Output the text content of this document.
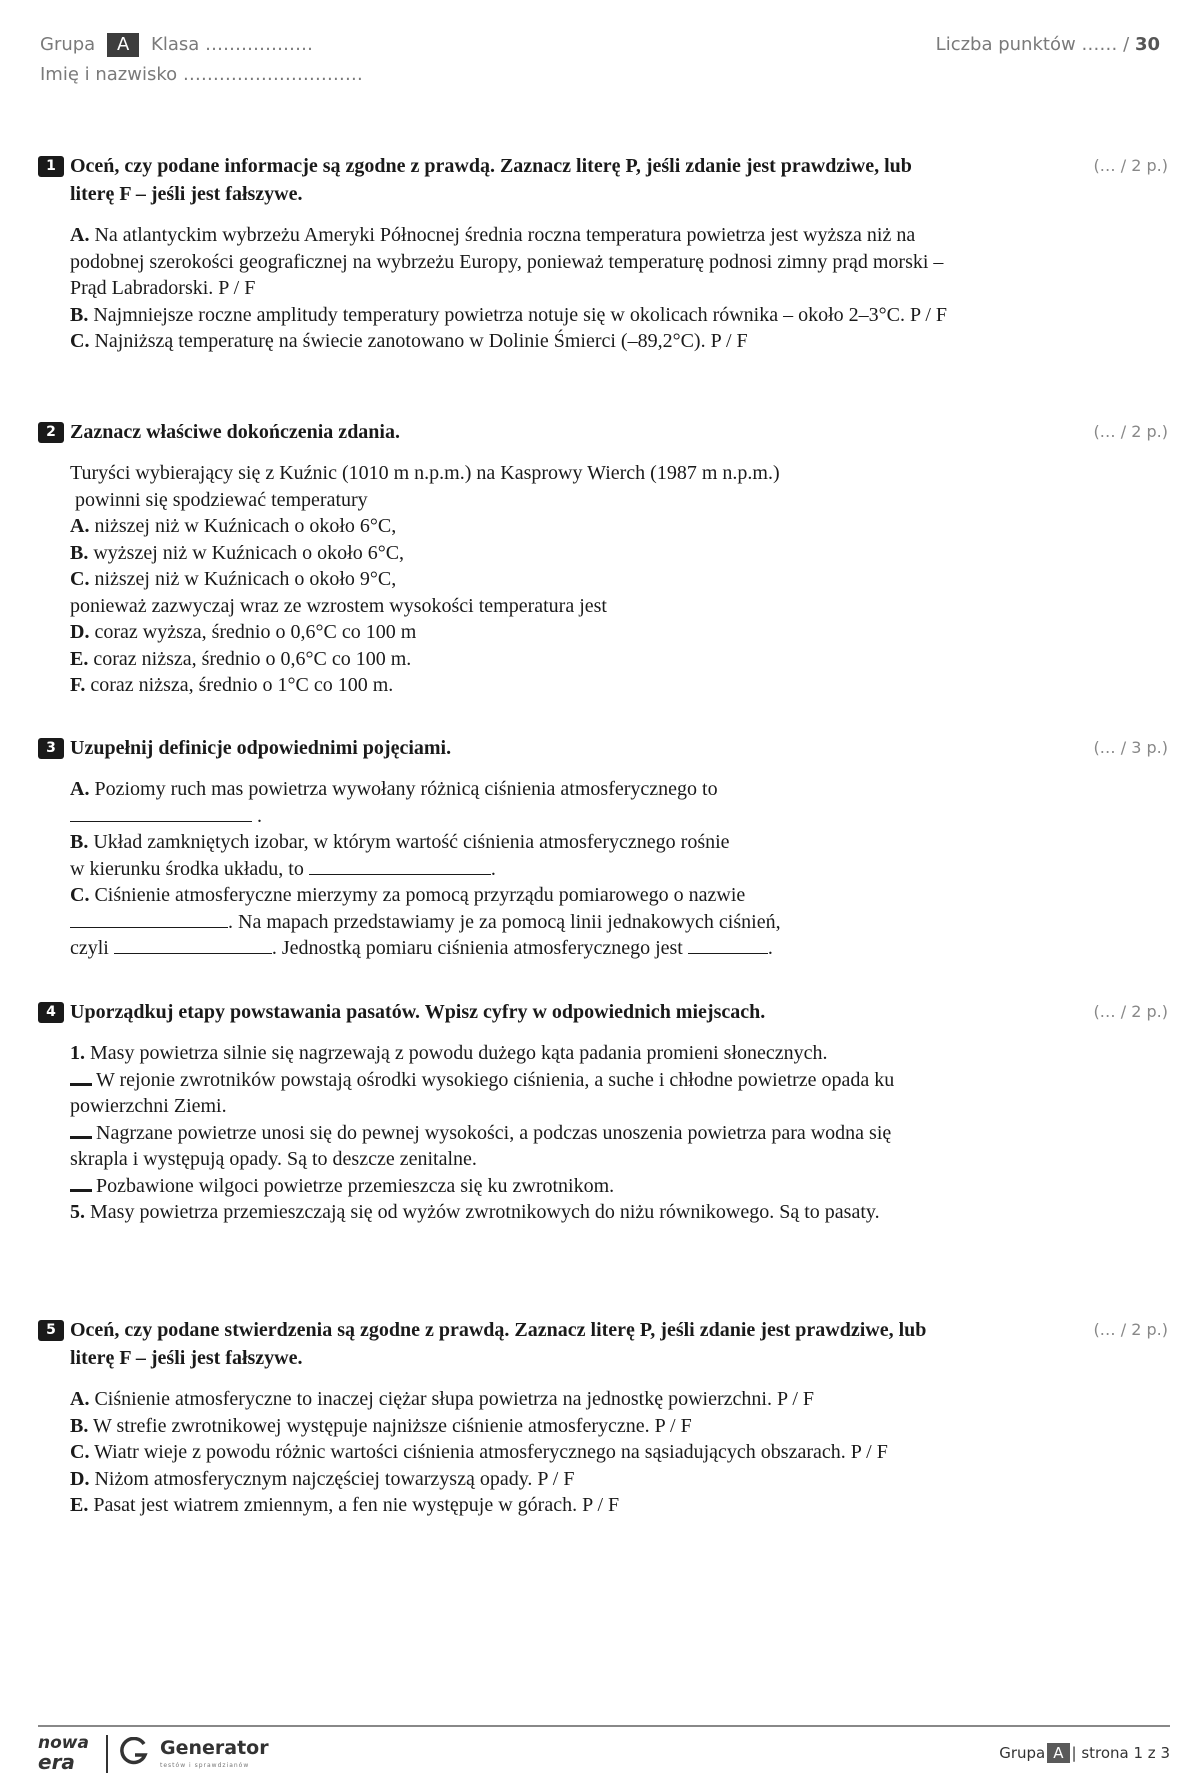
Grupa A Klasa ………………	Liczba punktów …… / 30
Imię i nazwisko …………………………
1 Oceń, czy podane informacje są zgodne z prawdą. Zaznacz literę P, jeśli zdanie jest prawdziwe, lub literę F – jeśli jest fałszywe.
(… / 2 p.)

A. Na atlantyckim wybrzeżu Ameryki Północnej średnia roczna temperatura powietrza jest wyższa niż na podobnej szerokości geograficznej na wybrzeżu Europy, ponieważ temperaturę podnosi zimny prąd morski – Prąd Labradorski. P / F

B. Najmniejsze roczne amplitudy temperatury powietrza notuje się w okolicach równika – około 2–3°C. P / F

C. Najniższą temperaturę na świecie zanotowano w Dolinie Śmierci (–89,2°C). P / F

2 Zaznacz właściwe dokończenia zdania.	(… / 2 p.)

Turyści wybierający się z Kuźnic (1010 m n.p.m.) na Kasprowy Wierch (1987 m n.p.m.)

powinni się spodziewać temperatury

A. niższej niż w Kuźnicach o około 6°C,

B. wyższej niż w Kuźnicach o około 6°C,

C. niższej niż w Kuźnicach o około 9°C,

ponieważ zazwyczaj wraz ze wzrostem wysokości temperatura jest

D. coraz wyższa, średnio o 0,6°C co 100 m

E. coraz niższa, średnio o 0,6°C co 100 m.

F. coraz niższa, średnio o 1°C co 100 m.

3 Uzupełnij definicje odpowiednimi pojęciami.	(… / 3 p.)

A. Poziomy ruch mas powietrza wywołany różnicą ciśnienia atmosferycznego to

.

B. Układ zamkniętych izobar, w którym wartość ciśnienia atmosferycznego rośnie

w kierunku środka układu, to	.

C. Ciśnienie atmosferyczne mierzymy za pomocą przyrządu pomiarowego o nazwie

. Na mapach przedstawiamy je za pomocą linii jednakowych ciśnień,

czyli	. Jednostką pomiaru ciśnienia atmosferycznego jest	.

4 Uporządkuj etapy powstawania pasatów. Wpisz cyfry w odpowiednich miejscach.	(… / 2 p.)

1. Masy powietrza silnie się nagrzewają z powodu dużego kąta padania promieni słonecznych.

W rejonie zwrotników powstają ośrodki wysokiego ciśnienia, a suche i chłodne powietrze opada ku powierzchni Ziemi.

Nagrzane powietrze unosi się do pewnej wysokości, a podczas unoszenia powietrza para wodna się skrapla i występują opady. Są to deszcze zenitalne.

Pozbawione wilgoci powietrze przemieszcza się ku zwrotnikom.

5. Masy powietrza przemieszczają się od wyżów zwrotnikowych do niżu równikowego. Są to pasaty.

5 Oceń, czy podane stwierdzenia są zgodne z prawdą. Zaznacz literę P, jeśli zdanie jest prawdziwe, lub literę F – jeśli jest fałszywe.
(… / 2 p.)

A. Ciśnienie atmosferyczne to inaczej ciężar słupa powietrza na jednostkę powierzchni. P / F

B. W strefie zwrotnikowej występuje najniższe ciśnienie atmosferyczne. P / F

C. Wiatr wieje z powodu różnic wartości ciśnienia atmosferycznego na sąsiadujących obszarach. P / F

D. Niżom atmosferycznym najczęściej towarzyszą opady. P / F

E. Pasat jest wiatrem zmiennym, a fen nie występuje w górach. P / F

nowa
era
Generator
testów i sprawdzianów
Grupa A | strona 1 z 3
